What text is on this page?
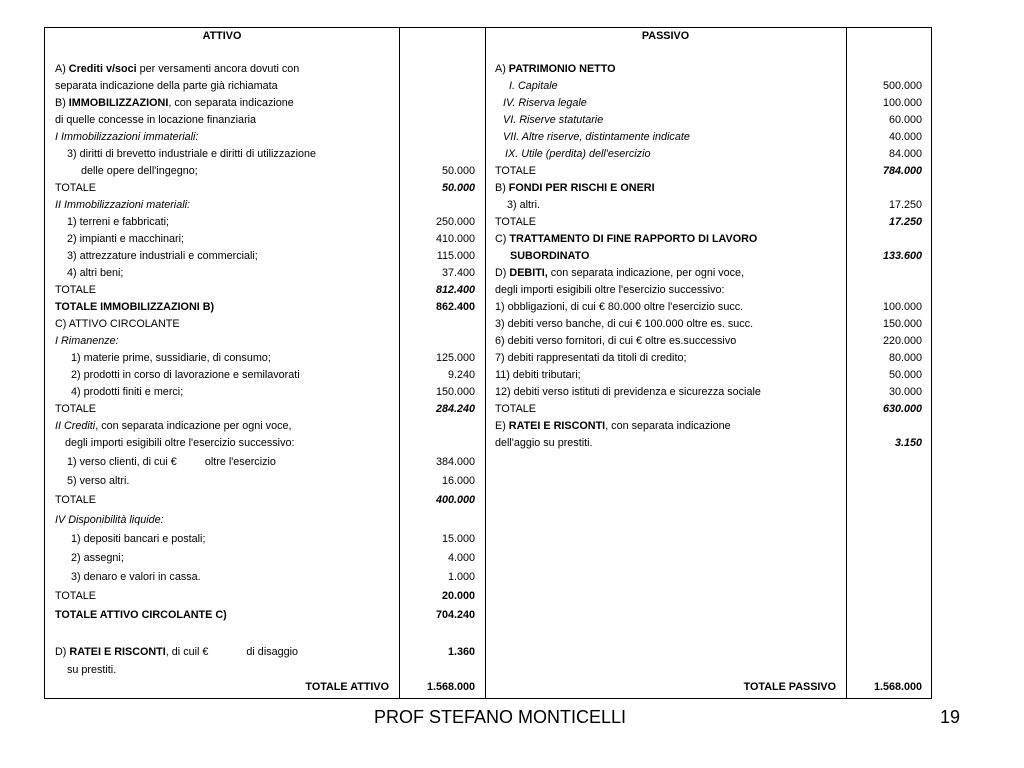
ATTIVO
A) Crediti v/soci per versamenti ancora dovuti con
separata indicazione della parte già richiamata
B) IMMOBILIZZAZIONI, con separata indicazione
di quelle concesse in locazione finanziaria
I Immobilizzazioni immateriali:
3) diritti di brevetto industriale e diritti di utilizzazione
delle opere dell'ingegno;	50.000
TOTALE	50.000
II Immobilizzazioni materiali:
1) terreni e fabbricati;	250.000
2) impianti e macchinari;	410.000
3) attrezzature industriali e commerciali;	115.000
4) altri beni;	37.400
TOTALE	812.400
TOTALE IMMOBILIZZAZIONI B)	862.400
C) ATTIVO CIRCOLANTE
I Rimanenze:
1) materie prime, sussidiarie, di consumo;	125.000
2) prodotti in corso di lavorazione e semilavorati	9.240
4) prodotti finiti e merci;	150.000
TOTALE	284.240
II Crediti, con separata indicazione per ogni voce,
degli importi esigibili oltre l'esercizio successivo:
1) verso clienti, di cui €	oltre l'esercizio	384.000
5) verso altri.	16.000
TOTALE	400.000
IV Disponibilità liquide:
1) depositi bancari e postali;	15.000
2) assegni;	4.000
3) denaro e valori in cassa.	1.000
TOTALE	20.000
TOTALE ATTIVO CIRCOLANTE C)	704.240
D) RATEI E RISCONTI, di cuil €	di disaggio	1.360
su prestiti.
TOTALE ATTIVO	1.568.000
PASSIVO
A) PATRIMONIO NETTO
I. Capitale	500.000
IV. Riserva legale	100.000
VI. Riserve statutarie	60.000
VII. Altre riserve, distintamente indicate	40.000
IX. Utile (perdita) dell'esercizio	84.000
TOTALE	784.000
B) FONDI PER RISCHI E ONERI
3) altri.	17.250
TOTALE	17.250
C) TRATTAMENTO DI FINE RAPPORTO DI LAVORO
SUBORDINATO	133.600
D) DEBITI, con separata indicazione, per ogni voce,
degli importi esigibili oltre l'esercizio successivo:
1) obbligazioni, di cui € 80.000 oltre l'esercizio succ.	100.000
3) debiti verso banche, di cui € 100.000 oltre es. succ.	150.000
6) debiti verso fornitori, di cui € oltre es.successivo	220.000
7) debiti rappresentati da titoli di credito;	80.000
11) debiti tributari;	50.000
12) debiti verso istituti di previdenza e sicurezza sociale	30.000
TOTALE	630.000
E) RATEI E RISCONTI, con separata indicazione
dell'aggio su prestiti.	3.150
TOTALE PASSIVO	1.568.000
PROF STEFANO MONTICELLI	19
